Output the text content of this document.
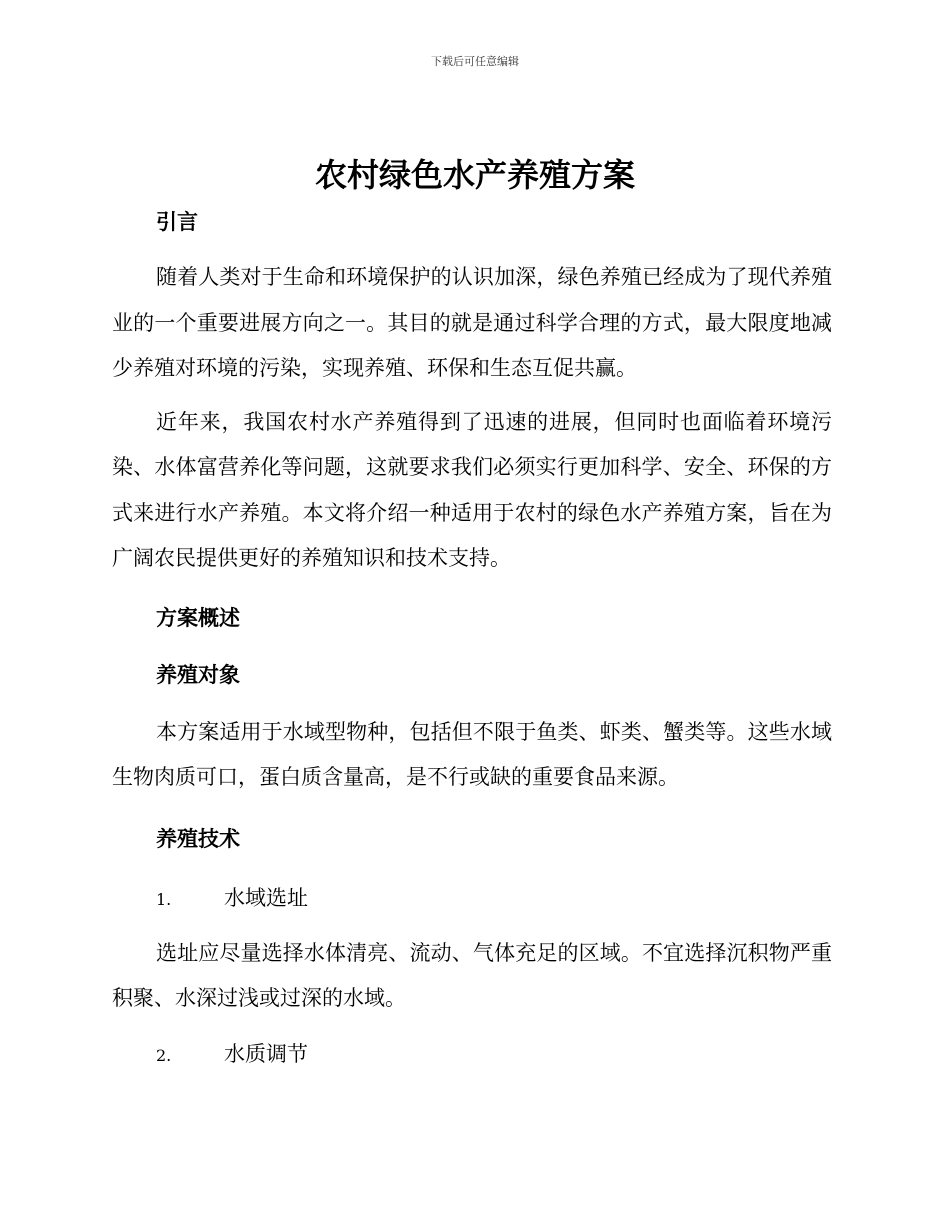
下载后可任意编辑
农村绿色水产养殖方案
引言

随着人类对于生命和环境保护的认识加深，绿色养殖已经成为了现代养殖业的一个重要进展方向之一。其目的就是通过科学合理的方式，最大限度地减少养殖对环境的污染，实现养殖、环保和生态互促共赢。

近年来，我国农村水产养殖得到了迅速的进展，但同时也面临着环境污染、水体富营养化等问题，这就要求我们必须实行更加科学、安全、环保的方式来进行水产养殖。本文将介绍一种适用于农村的绿色水产养殖方案，旨在为广阔农民提供更好的养殖知识和技术支持。

方案概述
养殖对象

本方案适用于水域型物种，包括但不限于鱼类、虾类、蟹类等。这些水域生物肉质可口，蛋白质含量高，是不行或缺的重要食品来源。

养殖技术
1.	水域选址

选址应尽量选择水体清亮、流动、气体充足的区域。不宜选择沉积物严重积聚、水深过浅或过深的水域。

2.	水质调节
